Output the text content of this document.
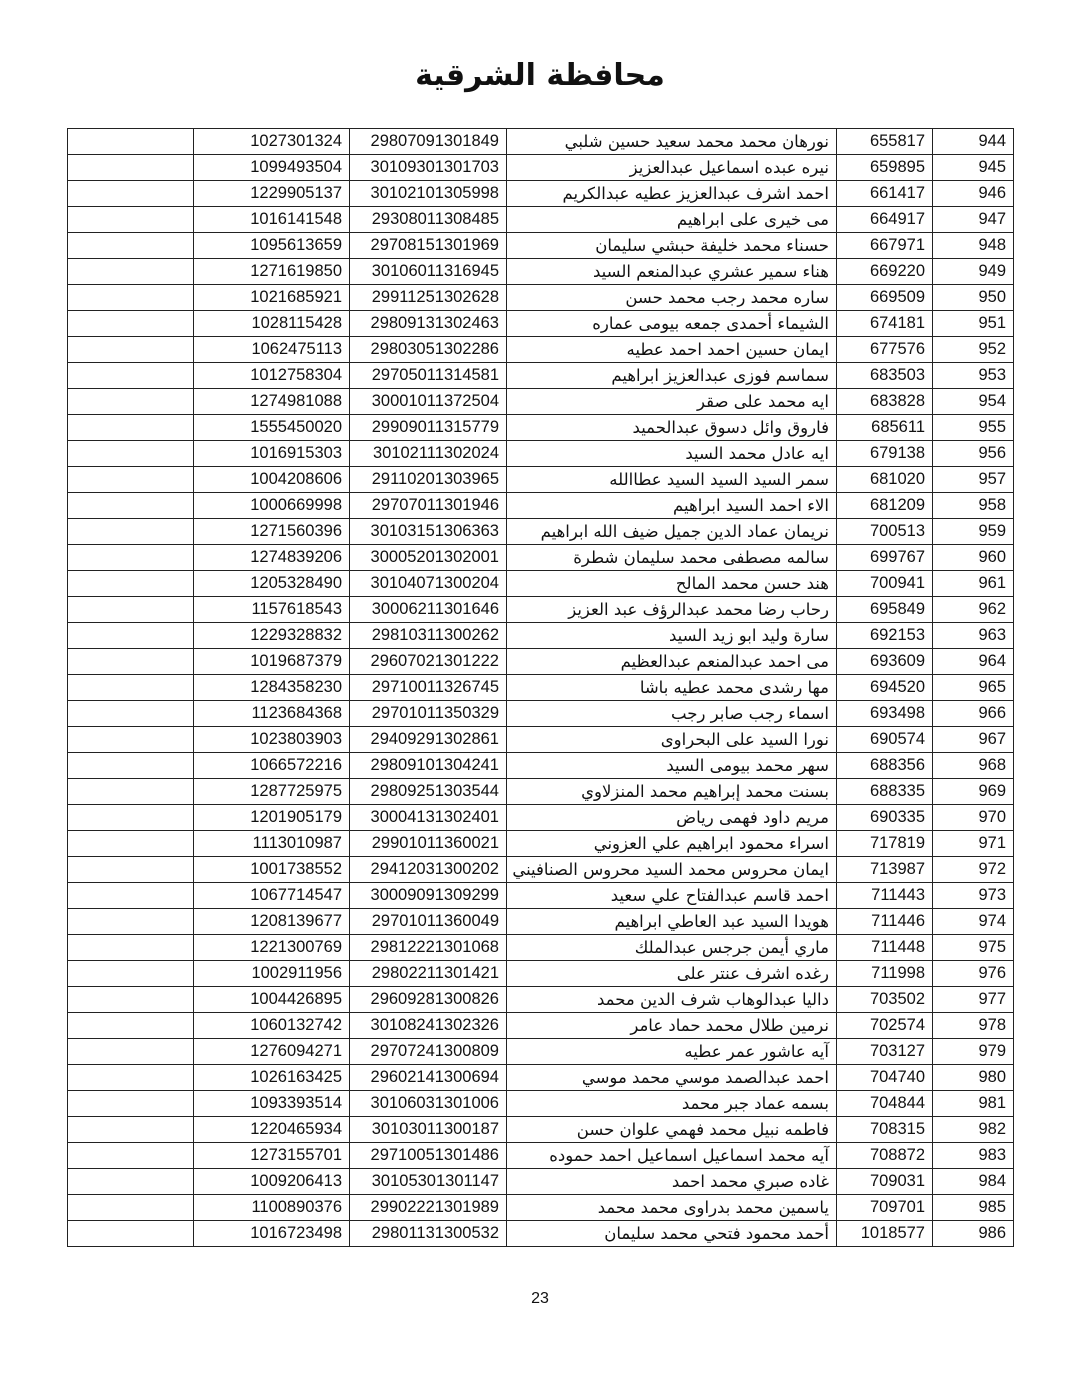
محافظة الشرقية
	1027301324	29807091301849	نورهان محمد محمد سعيد حسين شلبي	655817	944
	1099493504	30109301301703	نيره عبده اسماعيل عبدالعزيز	659895	945
	1229905137	30102101305998	احمد اشرف عبدالعزيز عطيه عبدالكريم	661417	946
	1016141548	29308011308485	مى خيرى على ابراهيم	664917	947
	1095613659	29708151301969	حسناء محمد خليفة حبشي سليمان	667971	948
	1271619850	30106011316945	هناء سمير عشري عبدالمنعم السيد	669220	949
	1021685921	29911251302628	ساره محمد رجب محمد حسن	669509	950
	1028115428	29809131302463	الشيماء أحمدى جمعه بيومى عماره	674181	951
	1062475113	29803051302286	ايمان حسين احمد احمد عطيه	677576	952
	1012758304	29705011314581	سماسم فوزى عبدالعزيز ابراهيم	683503	953
	1274981088	30001011372504	ايه محمد على صقر	683828	954
	1555450020	29909011315779	فاروق وائل دسوق عبدالحميد	685611	955
	1016915303	30102111302024	ايه عادل محمد السيد	679138	956
	1004208606	29110201303965	سمر السيد السيد السيد عطاالله	681020	957
	1000669998	29707011301946	الاء احمد السيد ابراهيم	681209	958
	1271560396	30103151306363	نريمان عماد الدين جميل ضيف الله ابراهيم	700513	959
	1274839206	30005201302001	سالمه مصطفى محمد سليمان شطرة	699767	960
	1205328490	30104071300204	هند حسن محمد المالح	700941	961
	1157618543	30006211301646	رحاب رضا محمد عبدالرؤف عبد العزيز	695849	962
	1229328832	29810311300262	سارة وليد ابو زيد السيد	692153	963
	1019687379	29607021301222	مى احمد عبدالمنعم عبدالعظيم	693609	964
	1284358230	29710011326745	مها رشدى محمد عطيه باشا	694520	965
	1123684368	29701011350329	اسماء رجب صابر رجب	693498	966
	1023803903	29409291302861	نورا السيد على البحراوى	690574	967
	1066572216	29809101304241	سهر محمد بيومى السيد	688356	968
	1287725975	29809251303544	بسنت محمد إبراهيم محمد المنزلاوي	688335	969
	1201905179	30004131302401	مريم داود فهمى رياض	690335	970
	1113010987	29901011360021	اسراء محمود ابراهيم علي العزوني	717819	971
	1001738552	29412031300202	ايمان محروس محمد السيد محروس الصنافيني	713987	972
	1067714547	30009091309299	احمد قاسم عبدالفتاح علي سعيد	711443	973
	1208139677	29701011360049	هويدا السيد عبد العاطي ابراهيم	711446	974
	1221300769	29812221301068	ماري أيمن جرجس عبدالملك	711448	975
	1002911956	29802211301421	رغده اشرف عنتر على	711998	976
	1004426895	29609281300826	داليا عبدالوهاب شرف الدين محمد	703502	977
	1060132742	30108241302326	نرمين طلال محمد حماد عامر	702574	978
	1276094271	29707241300809	آيه عاشور عمر عطيه	703127	979
	1026163425	29602141300694	احمد عبدالصمد موسي محمد موسي	704740	980
	1093393514	30106031301006	بسمه عماد جبر محمد	704844	981
	1220465934	30103011300187	فاطمه نبيل محمد فهمي علوان حسن	708315	982
	1273155701	29710051301486	آيه محمد اسماعيل اسماعيل احمد حموده	708872	983
	1009206413	30105301301147	غاده صبري محمد احمد	709031	984
	1100890376	29902221301989	ياسمين محمد بدراوى محمد محمد	709701	985
	1016723498	29801131300532	أحمد محمود فتحي محمد سليمان	1018577	986
23
